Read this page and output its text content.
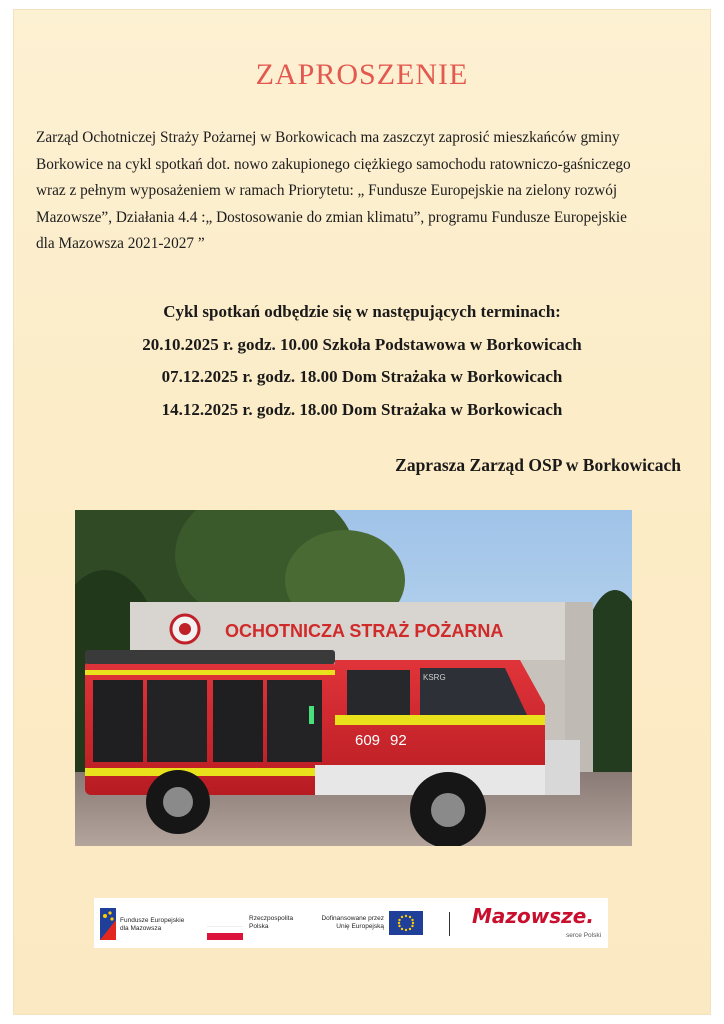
ZAPROSZENIE
Zarząd Ochotniczej Straży Pożarnej w Borkowicach ma zaszczyt zaprosić mieszkańców gminy
Borkowice na cykl spotkań dot. nowo zakupionego ciężkiego samochodu ratowniczo-gaśniczego
wraz z pełnym wyposażeniem w ramach Priorytetu: „ Fundusze Europejskie na zielony rozwój
Mazowsze”, Działania 4.4 :„ Dostosowanie do zmian klimatu”, programu Fundusze Europejskie
dla Mazowsza 2021-2027 ”
Cykl spotkań odbędzie się w następujących terminach:
20.10.2025 r. godz. 10.00 Szkoła Podstawowa w Borkowicach
07.12.2025 r. godz. 18.00 Dom Strażaka w Borkowicach
14.12.2025 r. godz. 18.00 Dom Strażaka w Borkowicach
Zaprasza Zarząd OSP w Borkowicach
OCHOTNICZA STRAŻ POŻARNA
609 92
KSRG
Fundusze Europejskie
dla Mazowsza
Rzeczpospolita
Polska
Dofinansowane przez
Unię Europejską	Mazowsze.
serce Polski
